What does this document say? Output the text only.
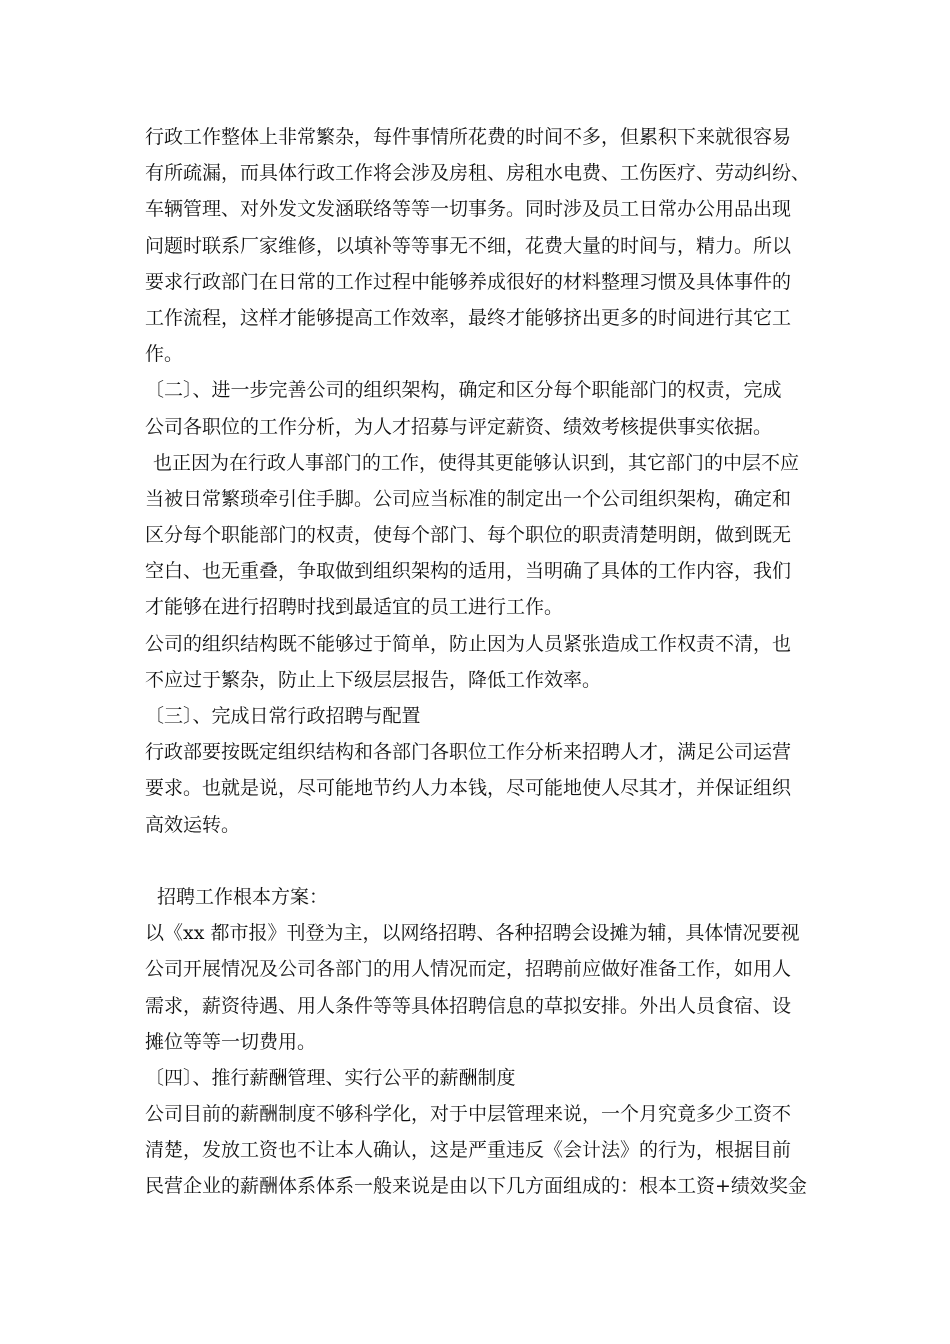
行政工作整体上非常繁杂，每件事情所花费的时间不多，但累积下来就很容易
有所疏漏，而具体行政工作将会涉及房租、房租水电费、工伤医疗、劳动纠纷、
车辆管理、对外发文发涵联络等等一切事务。同时涉及员工日常办公用品出现
问题时联系厂家维修，以填补等等事无不细，花费大量的时间与，精力。所以
要求行政部门在日常的工作过程中能够养成很好的材料整理习惯及具体事件的
工作流程，这样才能够提高工作效率，最终才能够挤出更多的时间进行其它工
作。
〔二〕、进一步完善公司的组织架构，确定和区分每个职能部门的权责，完成
公司各职位的工作分析，为人才招募与评定薪资、绩效考核提供事实依据。
也正因为在行政人事部门的工作，使得其更能够认识到，其它部门的中层不应
当被日常繁琐牵引住手脚。公司应当标准的制定出一个公司组织架构，确定和
区分每个职能部门的权责，使每个部门、每个职位的职责清楚明朗，做到既无
空白、也无重叠，争取做到组织架构的适用，当明确了具体的工作内容，我们
才能够在进行招聘时找到最适宜的员工进行工作。
公司的组织结构既不能够过于简单，防止因为人员紧张造成工作权责不清，也
不应过于繁杂，防止上下级层层报告，降低工作效率。
〔三〕、完成日常行政招聘与配置
行政部要按既定组织结构和各部门各职位工作分析来招聘人才，满足公司运营
要求。也就是说，尽可能地节约人力本钱，尽可能地使人尽其才，并保证组织
高效运转。
招聘工作根本方案：
以《xx 都市报》刊登为主，以网络招聘、各种招聘会设摊为辅，具体情况要视
公司开展情况及公司各部门的用人情况而定，招聘前应做好准备工作，如用人
需求，薪资待遇、用人条件等等具体招聘信息的草拟安排。外出人员食宿、设
摊位等等一切费用。
〔四〕、推行薪酬管理、实行公平的薪酬制度
公司目前的薪酬制度不够科学化，对于中层管理来说，一个月究竟多少工资不
清楚，发放工资也不让本人确认，这是严重违反《会计法》的行为，根据目前
民营企业的薪酬体系体系一般来说是由以下几方面组成的：根本工资+绩效奖金
